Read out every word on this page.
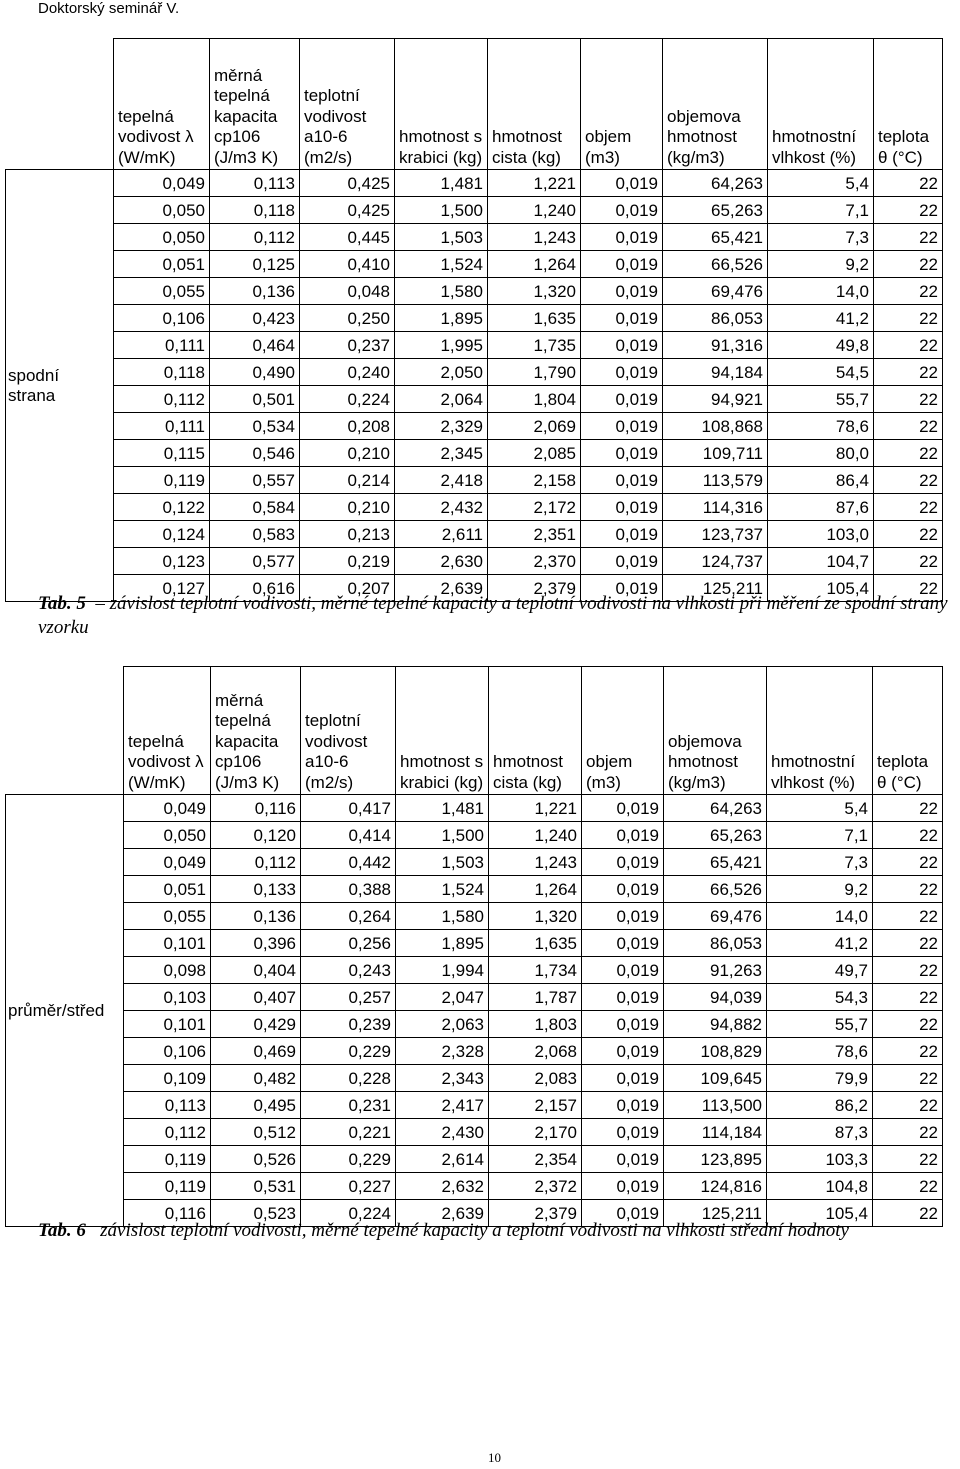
Doktorský seminář V.
	tepelná vodivost λ (W/mK)	měrná tepelná kapacita cp106 (J/m3 K)	teplotní vodivost a10-6 (m2/s)	hmotnost s krabici (kg)	hmotnost cista (kg)	objem (m3)	objemova hmotnost (kg/m3)	hmotnostní vlhkost (%)	teplota θ (°C)
spodní strana	0,049	0,113	0,425	1,481	1,221	0,019	64,263	5,4	22
	0,050	0,118	0,425	1,500	1,240	0,019	65,263	7,1	22
	0,050	0,112	0,445	1,503	1,243	0,019	65,421	7,3	22
	0,051	0,125	0,410	1,524	1,264	0,019	66,526	9,2	22
	0,055	0,136	0,048	1,580	1,320	0,019	69,476	14,0	22
	0,106	0,423	0,250	1,895	1,635	0,019	86,053	41,2	22
	0,111	0,464	0,237	1,995	1,735	0,019	91,316	49,8	22
	0,118	0,490	0,240	2,050	1,790	0,019	94,184	54,5	22
	0,112	0,501	0,224	2,064	1,804	0,019	94,921	55,7	22
	0,111	0,534	0,208	2,329	2,069	0,019	108,868	78,6	22
	0,115	0,546	0,210	2,345	2,085	0,019	109,711	80,0	22
	0,119	0,557	0,214	2,418	2,158	0,019	113,579	86,4	22
	0,122	0,584	0,210	2,432	2,172	0,019	114,316	87,6	22
	0,124	0,583	0,213	2,611	2,351	0,019	123,737	103,0	22
	0,123	0,577	0,219	2,630	2,370	0,019	124,737	104,7	22
	0,127	0,616	0,207	2,639	2,379	0,019	125,211	105,4	22
Tab. 5  – závislost teplotní vodivosti, měrné tepelné kapacity a teplotní vodivosti na vlhkosti při měření ze spodní strany vzorku
	tepelná vodivost λ (W/mK)	měrná tepelná kapacita cp106 (J/m3 K)	teplotní vodivost a10-6 (m2/s)	hmotnost s krabici (kg)	hmotnost cista (kg)	objem (m3)	objemova hmotnost (kg/m3)	hmotnostní vlhkost (%)	teplota θ (°C)
průměr/střed	0,049	0,116	0,417	1,481	1,221	0,019	64,263	5,4	22
	0,050	0,120	0,414	1,500	1,240	0,019	65,263	7,1	22
	0,049	0,112	0,442	1,503	1,243	0,019	65,421	7,3	22
	0,051	0,133	0,388	1,524	1,264	0,019	66,526	9,2	22
	0,055	0,136	0,264	1,580	1,320	0,019	69,476	14,0	22
	0,101	0,396	0,256	1,895	1,635	0,019	86,053	41,2	22
	0,098	0,404	0,243	1,994	1,734	0,019	91,263	49,7	22
	0,103	0,407	0,257	2,047	1,787	0,019	94,039	54,3	22
	0,101	0,429	0,239	2,063	1,803	0,019	94,882	55,7	22
	0,106	0,469	0,229	2,328	2,068	0,019	108,829	78,6	22
	0,109	0,482	0,228	2,343	2,083	0,019	109,645	79,9	22
	0,113	0,495	0,231	2,417	2,157	0,019	113,500	86,2	22
	0,112	0,512	0,221	2,430	2,170	0,019	114,184	87,3	22
	0,119	0,526	0,229	2,614	2,354	0,019	123,895	103,3	22
	0,119	0,531	0,227	2,632	2,372	0,019	124,816	104,8	22
	0,116	0,523	0,224	2,639	2,379	0,019	125,211	105,4	22
Tab. 6 závislost teplotní vodivosti, měrné tepelné kapacity a teplotní vodivosti na vlhkosti střední hodnoty
10
